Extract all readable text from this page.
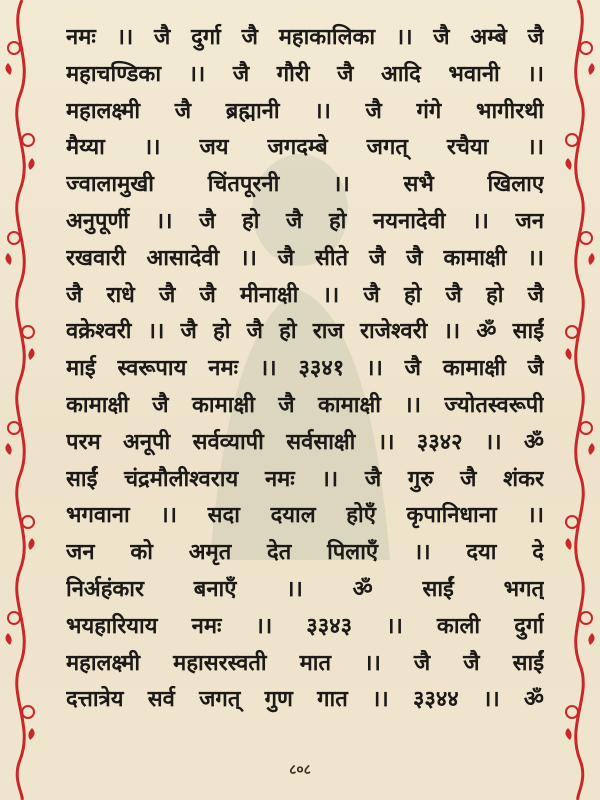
नमः ।। जै दुर्गा जै महाकालिका ।। जै अम्बे जै
महाचण्डिका ।। जै गौरी जै आदि भवानी ।।
महालक्ष्मी जै ब्रह्मानी ।। जै गंगे भागीरथी
मैय्या ।। जय जगदम्बे जगत् रचैया ।।
ज्वालामुखी चिंतपूरनी ।। सभै खिलाए
अनुपूर्णी ।। जै हो जै हो नयनादेवी ।। जन
रखवारी आसादेवी ।। जै सीते जै जै कामाक्षी ।।
जै राधे जै जै मीनाक्षी ।। जै हो जै हो जै
वक्रेश्वरी ।। जै हो जै हो राज राजेश्वरी ।। ॐ साईं
माई स्वरूपाय नमः ।। ३३४१ ।। जै कामाक्षी जै
कामाक्षी जै कामाक्षी जै कामाक्षी ।। ज्योतस्वरूपी
परम अनूपी सर्वव्यापी सर्वसाक्षी ।। ३३४२ ।। ॐ
साईं चंद्रमौलीश्वराय नमः ।। जै गुरु जै शंकर
भगवाना ।। सदा दयाल होएँ कृपानिधाना ।।
जन को अमृत देत पिलाएँ ।। दया दे
निर्अहंकार बनाएँ ।। ॐ साईं भगत्
भयहारियाय नमः ।। ३३४३ ।। काली दुर्गा
महालक्ष्मी महासरस्वती मात ।। जै जै साईं
दत्तात्रेय सर्व जगत् गुण गात ।। ३३४४ ।। ॐ
८०८
